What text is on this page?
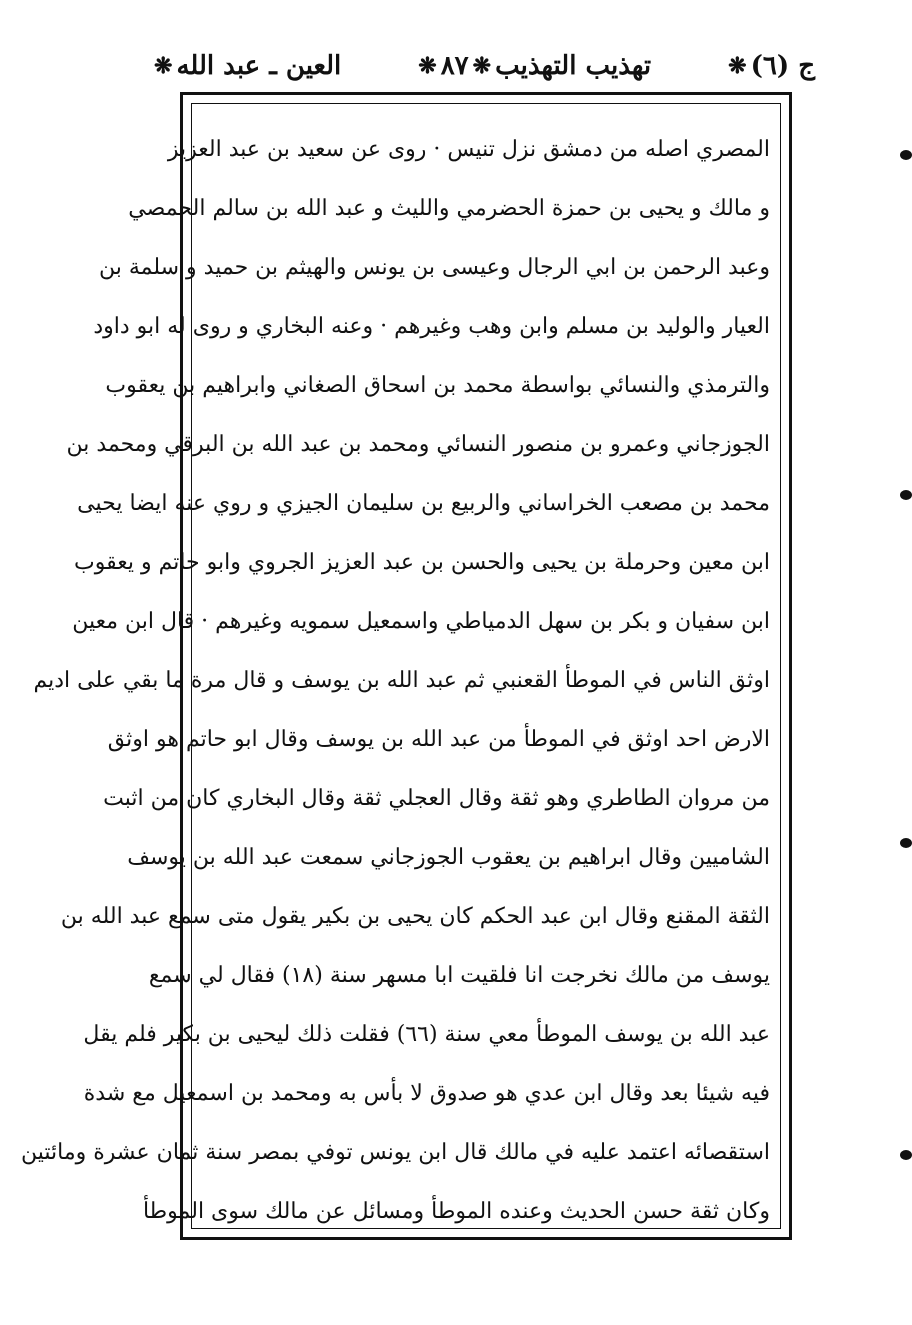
ج (٦)
❋
تهذيب التهذيب
❋
٨٧
❋
العين ـ عبد الله
❋
المصري اصله من دمشق نزل تنيس · روى عن سعيد بن عبد العزيز
و مالك و يحيى بن حمزة الحضرمي والليث و عبد الله بن سالم الحمصي
وعبد الرحمن بن ابي الرجال وعيسى بن يونس والهيثم بن حميد و سلمة بن
العيار والوليد بن مسلم وابن وهب وغيرهم · وعنه البخاري و روى له ابو داود
والترمذي والنسائي بواسطة محمد بن اسحاق الصغاني وابراهيم بن يعقوب
الجوزجاني وعمرو بن منصور النسائي ومحمد بن عبد الله بن البرقي ومحمد بن
محمد بن مصعب الخراساني والربيع بن سليمان الجيزي و روي عنه ايضا يحيى
ابن معين وحرملة بن يحيى والحسن بن عبد العزيز الجروي وابو حاتم و يعقوب
ابن سفيان و بكر بن سهل الدمياطي واسمعيل سمويه وغيرهم · قال ابن معين
اوثق الناس في الموطأ القعنبي ثم عبد الله بن يوسف و قال مرة ما بقي على اديم
الارض احد اوثق في الموطأ من عبد الله بن يوسف وقال ابو حاتم هو اوثق
من مروان الطاطري وهو ثقة وقال العجلي ثقة وقال البخاري كان من اثبت
الشاميين وقال ابراهيم بن يعقوب الجوزجاني سمعت عبد الله بن يوسف
الثقة المقنع وقال ابن عبد الحكم كان يحيى بن بكير يقول متى سمع عبد الله بن
يوسف من مالك نخرجت انا فلقيت ابا مسهر سنة (١٨) فقال لي سمع
عبد الله بن يوسف الموطأ معي سنة (٦٦) فقلت ذلك ليحيى بن بكير فلم يقل
فيه شيئا بعد وقال ابن عدي هو صدوق لا بأس به ومحمد بن اسمعيل مع شدة
استقصائه اعتمد عليه في مالك قال ابن يونس توفي بمصر سنة ثمان عشرة ومائتين
وكان ثقة حسن الحديث وعنده الموطأ ومسائل عن مالك سوى الموطأ
